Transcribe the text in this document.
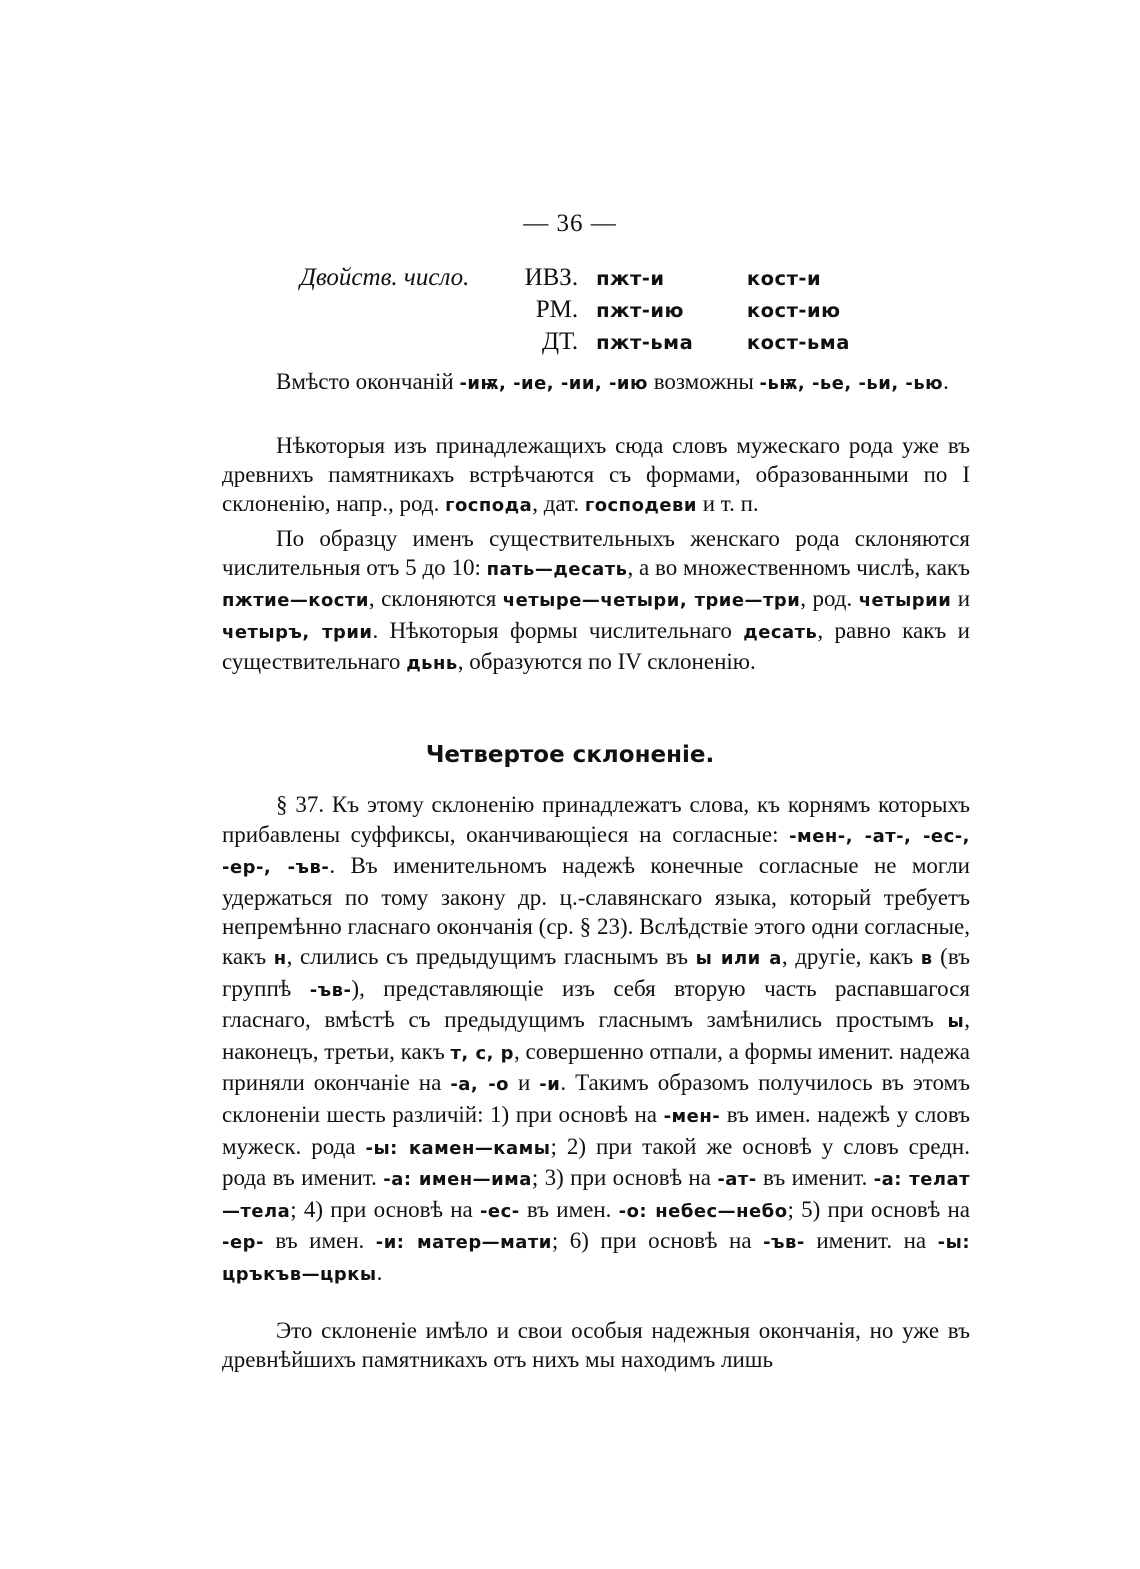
— 36 —
Двойств. число.	ИВЗ. пжт-и	кост-и
РМ. пжт-ию	кост-ию
ДТ. пжт-ьма	кост-ьма

Вмѣсто окончаній -иѭ, -ие, -ии, -ию возможны -ьѭ, -ье, -ьи, -ью.

Нѣкоторыя изъ принадлежащихъ сюда словъ мужескаго рода уже въ древнихъ памятникахъ встрѣчаются съ формами, образованными по I склоненію, напр., род. господа, дат. господеви и т. п.

По образцу именъ существительныхъ женскаго рода склоняются числительныя отъ 5 до 10: пать—десать, а во множественномъ числѣ, какъ пжтие—кости, склоняются четыре—четыри, трие—три, род. четырии и четыръ, трии. Нѣкоторыя формы числительнаго десать, равно какъ и существительнаго дьнь, образуются по IV склоненію.

Четвертое склоненіе.

§ 37. Къ этому склоненію принадлежатъ слова, къ корнямъ которыхъ прибавлены суффиксы, оканчивающіеся на согласные: -мен-, -ат-, -ес-, -ер-, -ъв-. Въ именительномъ надежѣ конечные согласные не могли удержаться по тому закону др. ц.-славянскаго языка, который требуетъ непремѣнно гласнаго окончанія (ср. § 23). Вслѣдствіе этого одни согласные, какъ н, слились съ предыдущимъ гласнымъ въ ы или а, другіе, какъ в (въ группѣ -ъв-), представляющіе изъ себя вторую часть распавшагося гласнаго, вмѣстѣ съ предыдущимъ гласнымъ замѣнились простымъ ы, наконецъ, третьи, какъ т, с, р, совершенно отпали, а формы именит. надежа приняли окончаніе на -а, -о и -и. Такимъ образомъ получилось въ этомъ склоненіи шесть различій: 1) при основѣ на -мен- въ имен. надежѣ у словъ мужеск. рода -ы: камен—камы; 2) при такой же основѣ у словъ средн. рода въ именит. -а: имен—има; 3) при основѣ на -ат- въ именит. -а: телат—тела; 4) при основѣ на -ес- въ имен. -о: небес—небо; 5) при основѣ на -ер- въ имен. -и: матер—мати; 6) при основѣ на -ъв- именит. на -ы: цръкъв—цркы.

Это склоненіе имѣло и свои особыя надежныя окончанія, но уже въ древнѣйшихъ памятникахъ отъ нихъ мы находимъ лишь
